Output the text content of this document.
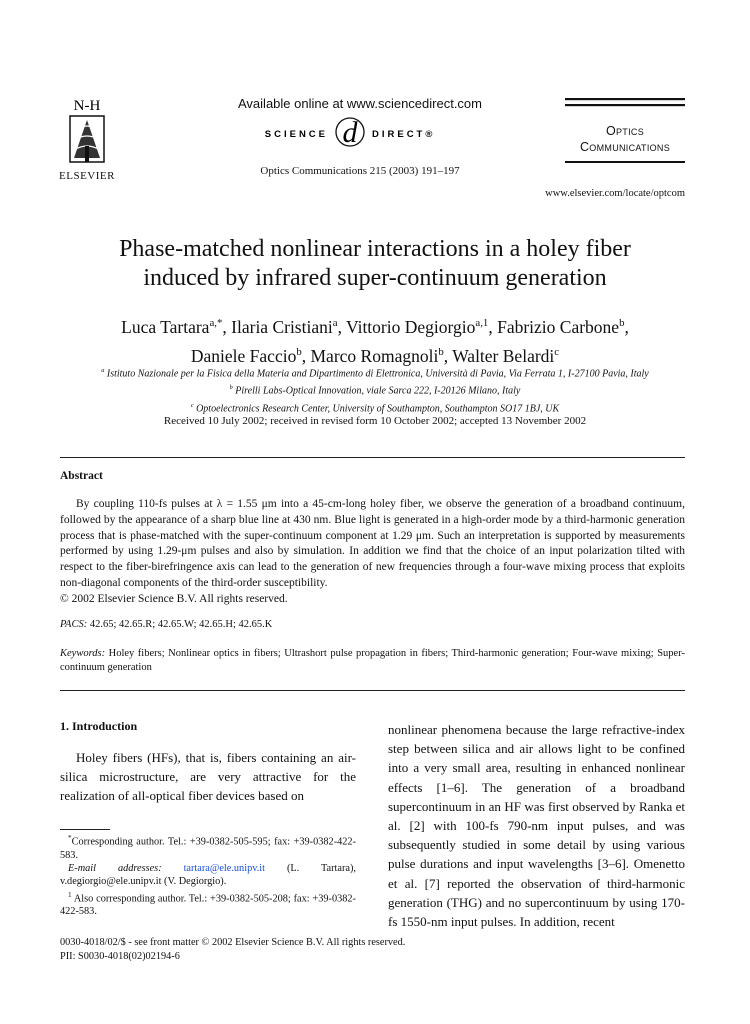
N-H
ELSEVIER
Available online at www.sciencedirect.com
SCIENCE d DIRECT®
Optics Communications 215 (2003) 191–197
Optics
Communications
www.elsevier.com/locate/optcom
Phase-matched nonlinear interactions in a holey fiber
induced by infrared super-continuum generation
Luca Tartara$^{a,*}$, Ilaria Cristiani$^a$, Vittorio Degiorgio$^{a,1}$, Fabrizio Carbone$^b$,
Daniele Faccio$^b$, Marco Romagnoli$^b$, Walter Belardi$^c$
$^a$ Istituto Nazionale per la Fisica della Materia and Dipartimento di Elettronica, Università di Pavia, Via Ferrata 1, I-27100 Pavia, Italy
$^b$ Pirelli Labs-Optical Innovation, viale Sarca 222, I-20126 Milano, Italy
$^c$ Optoelectronics Research Center, University of Southampton, Southampton SO17 1BJ, UK
Received 10 July 2002; received in revised form 10 October 2002; accepted 13 November 2002
Abstract
By coupling 110-fs pulses at λ = 1.55 μm into a 45-cm-long holey fiber, we observe the generation of a broadband continuum, followed by the appearance of a sharp blue line at 430 nm. Blue light is generated in a high-order mode by a third-harmonic generation process that is phase-matched with the super-continuum component at 1.29 μm. Such an interpretation is supported by measurements performed by using 1.29-μm pulses and also by simulation. In addition we find that the choice of an input polarization tilted with respect to the fiber-birefringence axis can lead to the generation of new frequencies through a four-wave mixing process that exploits non-diagonal components of the third-order susceptibility.
© 2002 Elsevier Science B.V. All rights reserved.
PACS: 42.65; 42.65.R; 42.65.W; 42.65.H; 42.65.K
Keywords: Holey fibers; Nonlinear optics in fibers; Ultrashort pulse propagation in fibers; Third-harmonic generation; Four-wave mixing; Super-continuum generation
1. Introduction
Holey fibers (HFs), that is, fibers containing an air-silica microstructure, are very attractive for the realization of all-optical fiber devices based on
nonlinear phenomena because the large refractive-index step between silica and air allows light to be confined into a very small area, resulting in enhanced nonlinear effects [1–6]. The generation of a broadband supercontinuum in an HF was first observed by Ranka et al. [2] with 100-fs 790-nm input pulses, and was subsequently studied in some detail by using various pulse durations and input wavelengths [3–6]. Omenetto et al. [7] reported the observation of third-harmonic generation (THG) and no supercontinuum by using 170-fs 1550-nm input pulses. In addition, recent

*Corresponding author. Tel.: +39-0382-505-595; fax: +39-0382-422-583.

E-mail addresses: tartara@ele.unipv.it (L. Tartara), v.degiorgio@ele.unipv.it (V. Degiorgio).

$^1$ Also corresponding author. Tel.: +39-0382-505-208; fax: +39-0382-422-583.

0030-4018/02/$ - see front matter © 2002 Elsevier Science B.V. All rights reserved.
PII: S0030-4018(02)02194-6
